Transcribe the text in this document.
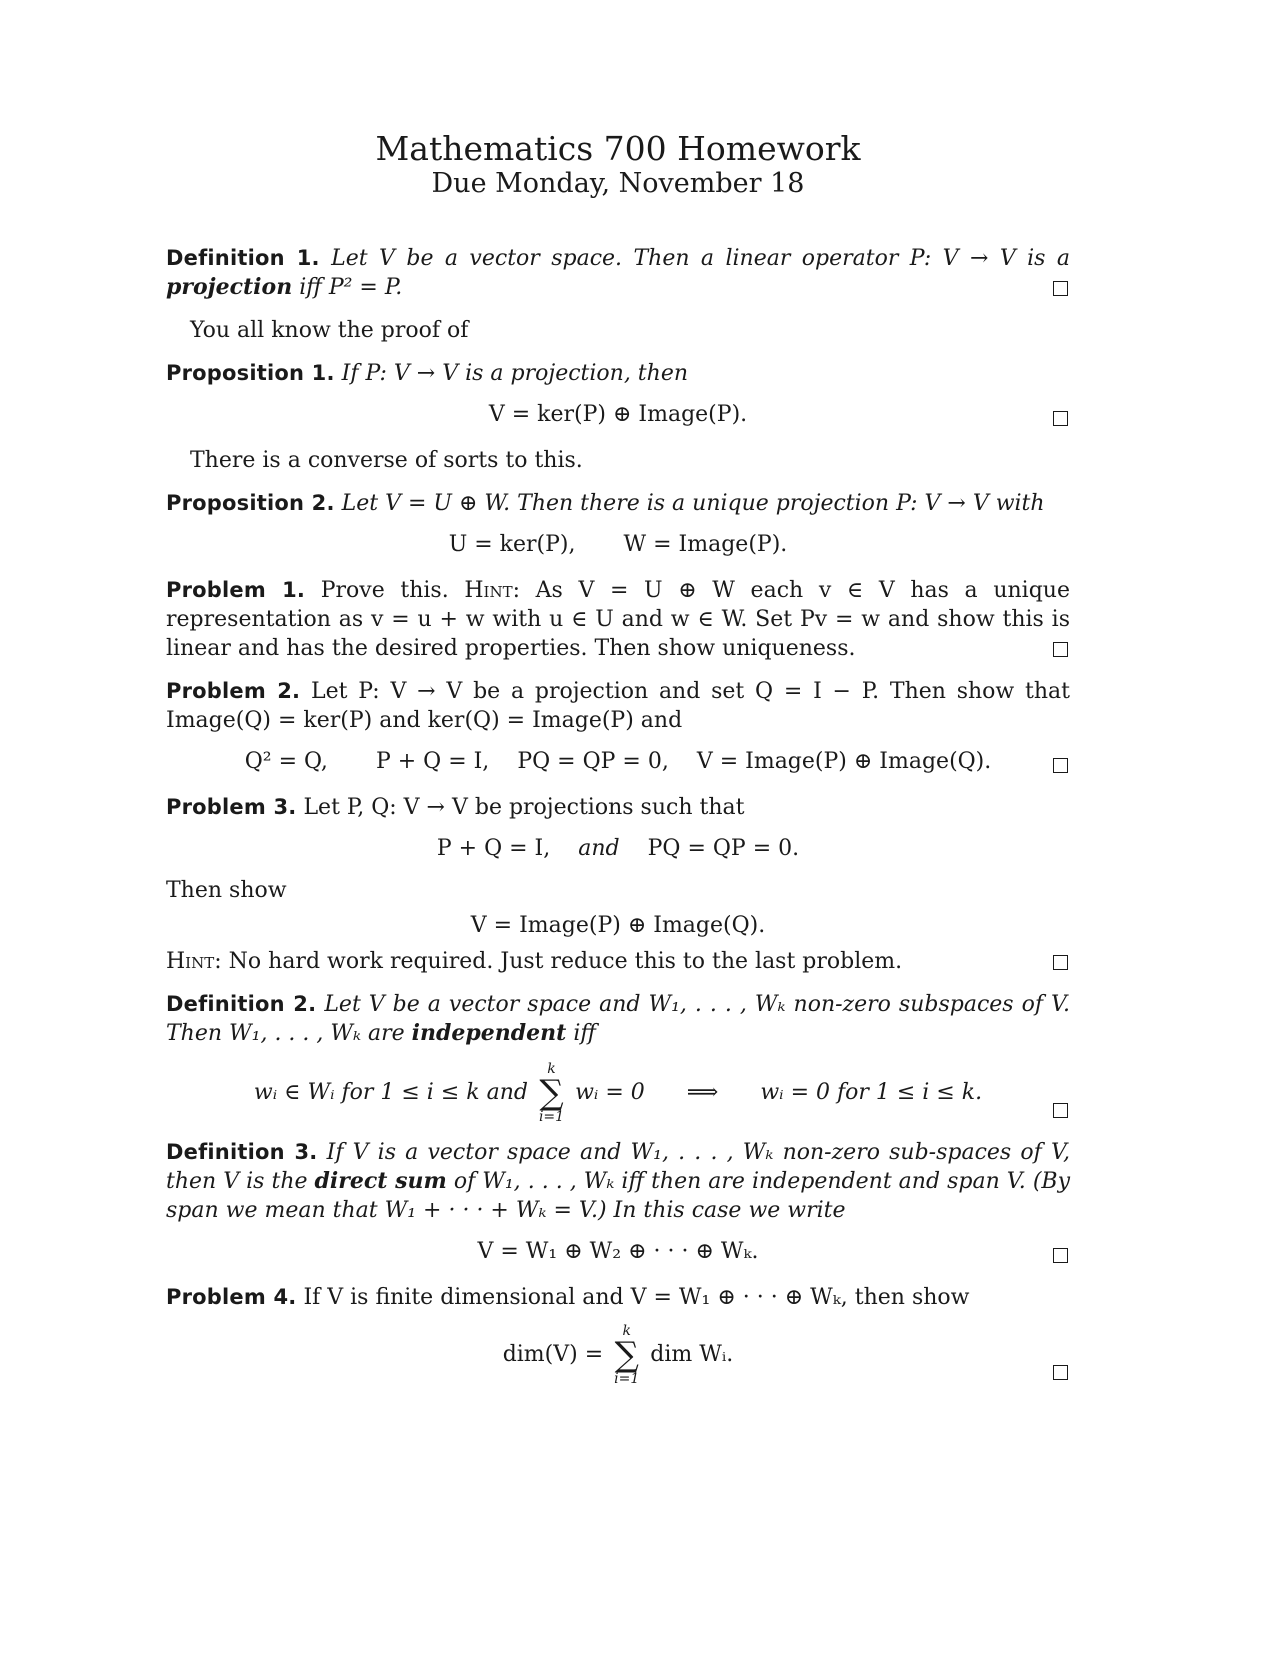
Mathematics 700 Homework
Due Monday, November 18

Definition 1. Let V be a vector space. Then a linear operator P: V → V is a projection iff P² = P.

You all know the proof of

Proposition 1. If P: V → V is a projection, then

V = ker(P) ⊕ Image(P).

There is a converse of sorts to this.

Proposition 2. Let V = U ⊕ W. Then there is a unique projection P: V → V with

U = ker(P), W = Image(P).

Problem 1. Prove this. Hint: As V = U ⊕ W each v ∈ V has a unique representation as v = u + w with u ∈ U and w ∈ W. Set Pv = w and show this is linear and has the desired properties. Then show uniqueness.

Problem 2. Let P: V → V be a projection and set Q = I − P. Then show that Image(Q) = ker(P) and ker(Q) = Image(P) and

Q² = Q, P + Q = I, PQ = QP = 0, V = Image(P) ⊕ Image(Q).

Problem 3. Let P, Q: V → V be projections such that

P + Q = I, and PQ = QP = 0.

Then show

V = Image(P) ⊕ Image(Q).

Hint: No hard work required. Just reduce this to the last problem.

Definition 2. Let V be a vector space and W₁, . . . , Wₖ non-zero subspaces of V. Then W₁, . . . , Wₖ are independent iff

wᵢ ∈ Wᵢ for 1 ≤ i ≤ k and
k
∑
i=1
wᵢ = 0 ⟹ wᵢ = 0 for 1 ≤ i ≤ k.

Definition 3. If V is a vector space and W₁, . . . , Wₖ non-zero sub-spaces of V, then V is the direct sum of W₁, . . . , Wₖ iff then are independent and span V. (By span we mean that W₁ + · · · + Wₖ = V.) In this case we write

V = W₁ ⊕ W₂ ⊕ · · · ⊕ Wₖ.

Problem 4. If V is finite dimensional and V = W₁ ⊕ · · · ⊕ Wₖ, then show

dim(V) =
k
∑
i=1
dim Wᵢ.
